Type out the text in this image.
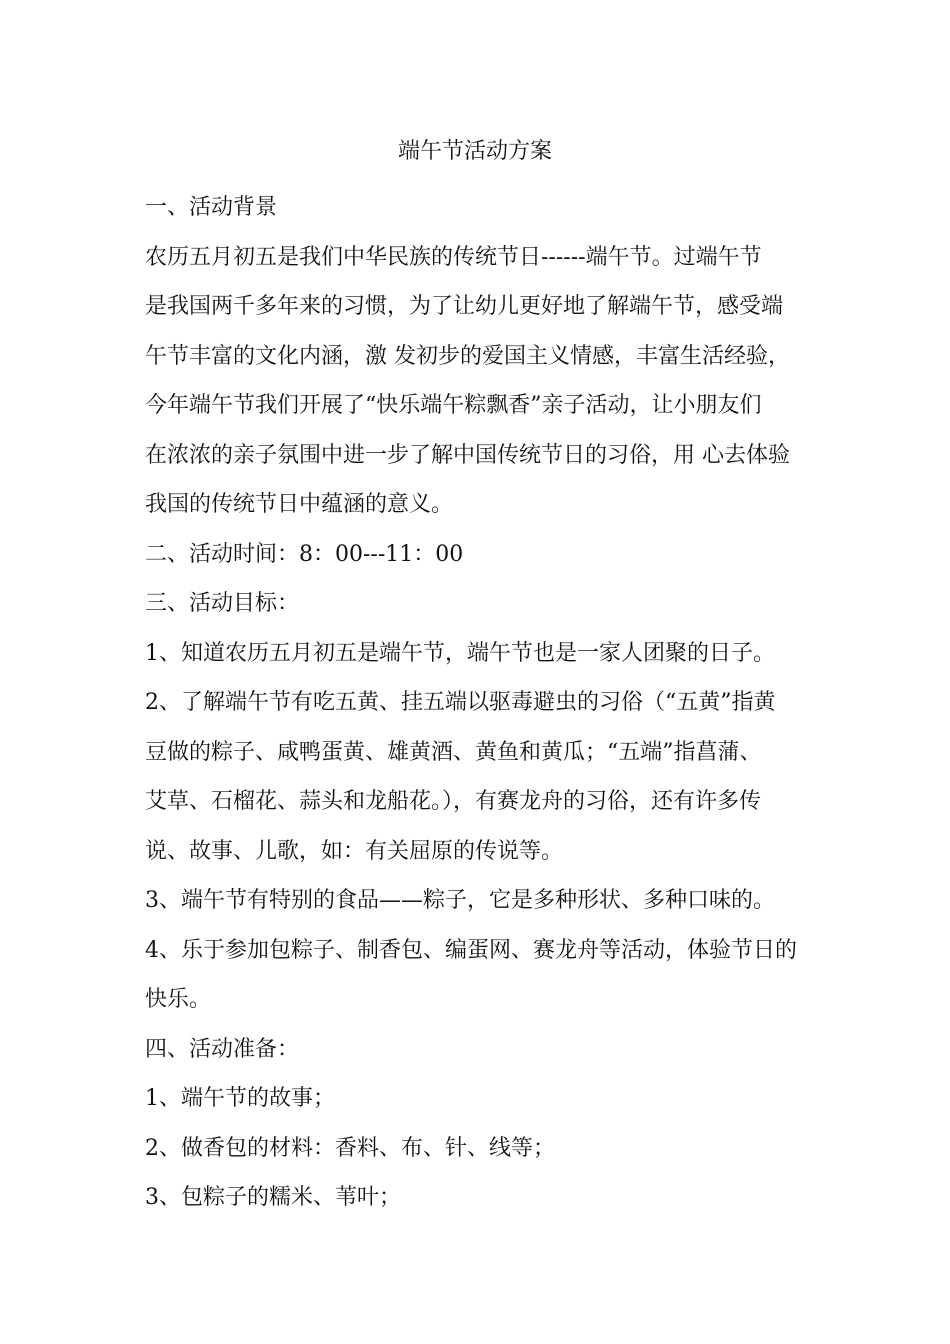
端午节活动方案
一、活动背景
农历五月初五是我们中华民族的传统节日------端午节。过端午节
是我国两千多年来的习惯，为了让幼儿更好地了解端午节，感受端
午节丰富的文化内涵，激 发初步的爱国主义情感，丰富生活经验，
今年端午节我们开展了“快乐端午粽飘香”亲子活动，让小朋友们
在浓浓的亲子氛围中进一步了解中国传统节日的习俗，用 心去体验
我国的传统节日中蕴涵的意义。
二、活动时间：8：00---11：00
三、活动目标：
1、知道农历五月初五是端午节，端午节也是一家人团聚的日子。
2、了解端午节有吃五黄、挂五端以驱毒避虫的习俗（“五黄”指黄
豆做的粽子、咸鸭蛋黄、雄黄酒、黄鱼和黄瓜；“五端”指菖蒲、
艾草、石榴花、蒜头和龙船花。），有赛龙舟的习俗，还有许多传
说、故事、儿歌，如：有关屈原的传说等。
3、端午节有特别的食品——粽子，它是多种形状、多种口味的。
4、乐于参加包粽子、制香包、编蛋网、赛龙舟等活动，体验节日的
快乐。
四、活动准备：
1、端午节的故事；
2、做香包的材料：香料、布、针、线等；
3、包粽子的糯米、苇叶；
